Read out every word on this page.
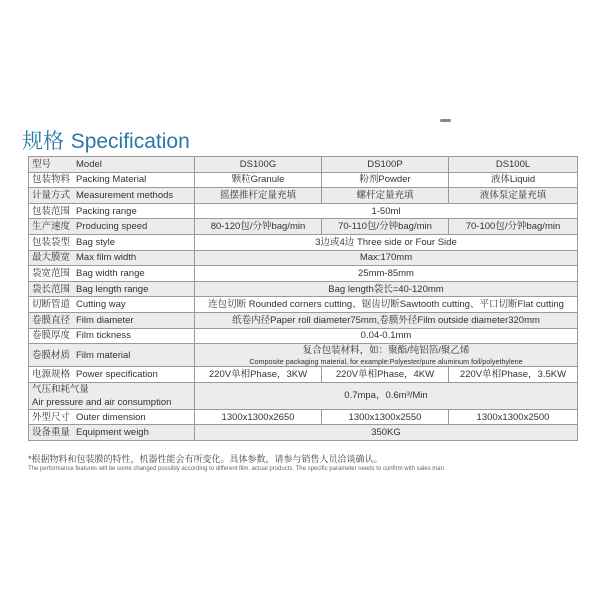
规格 Specification
型号 Model	DS100G	DS100P	DS100L
包装物料 Packing Material	颗粒Granule	粉剂Powder	液体Liquid
计量方式 Measurement methods	摇摆推杆定量充填	螺杆定量充填	液体泵定量充填
包装范围 Packing range	1-50ml		
生产速度 Producing speed	80-120包/分钟bag/min	70-110包/分钟bag/min	70-100包/分钟bag/min
包装袋型 Bag style	3边或4边 Three side or Four Side		
最大膜宽 Max film width	Max:170mm		
袋宽范围 Bag width range	25mm-85mm		
袋长范围 Bag length range	Bag length袋长=40-120mm		
切断管道 Cutting way	连包切断 Rounded corners cutting、锯齿切断Sawtooth cutting、平口切断Flat cutting		
卷膜直径 Film diameter	纸卷内径Paper roll diameter75mm,卷膜外径Film outside diameter320mm		
卷膜厚度 Film tickness	0.04-0.1mm		
卷膜材质 Film material	复合包装材料，如：聚酯/纯铝箔/聚乙烯
Composite packaging material, for example:Polyester/pure aluminum foil/polyethylene		

电源规格 Power specification	220V单相Phase，3KW	220V单相Phase，4KW	220V单相Phase，3.5KW

气压和耗气量
Air pressure and air consumption	0.7mpa，0.6m³/Min		
外型尺寸 Outer dimension	1300x1300x2650	1300x1300x2550	1300x1300x2500
设备重量 Equipment weigh	350KG		
*根据物料和包装膜的特性，机器性能会有所变化。具体参数，请参与销售人员洽谈确认。
The performance features will be some changed possibly according to different film, actual products. The specific parameter needs to confirm with sales man
